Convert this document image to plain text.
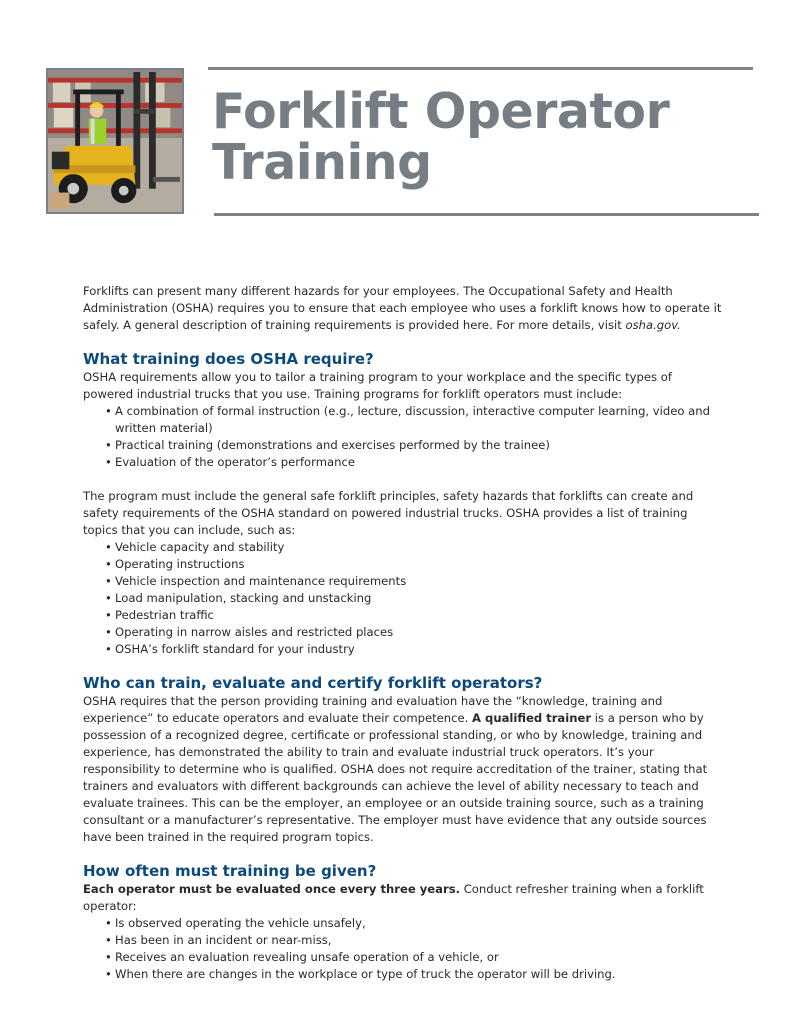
Forklift Operator
Training

Forklifts can present many different hazards for your employees. The Occupational Safety and Health Administration (OSHA) requires you to ensure that each employee who uses a forklift knows how to operate it safely. A general description of training requirements is provided here. For more details, visit osha.gov.

What training does OSHA require?

OSHA requirements allow you to tailor a training program to your workplace and the specific types of powered industrial trucks that you use. Training programs for forklift operators must include:

• A combination of formal instruction (e.g., lecture, discussion, interactive computer learning, video and written material)
• Practical training (demonstrations and exercises performed by the trainee)
• Evaluation of the operator’s performance

The program must include the general safe forklift principles, safety hazards that forklifts can create and safety requirements of the OSHA standard on powered industrial trucks. OSHA provides a list of training topics that you can include, such as:

• Vehicle capacity and stability
• Operating instructions
• Vehicle inspection and maintenance requirements
• Load manipulation, stacking and unstacking
• Pedestrian traffic
• Operating in narrow aisles and restricted places
• OSHA’s forklift standard for your industry
Who can train, evaluate and certify forklift operators?

OSHA requires that the person providing training and evaluation have the “knowledge, training and experience” to educate operators and evaluate their competence. A qualified trainer is a person who by possession of a recognized degree, certificate or professional standing, or who by knowledge, training and experience, has demonstrated the ability to train and evaluate industrial truck operators. It’s your responsibility to determine who is qualified. OSHA does not require accreditation of the trainer, stating that trainers and evaluators with different backgrounds can achieve the level of ability necessary to teach and evaluate trainees. This can be the employer, an employee or an outside training source, such as a training consultant or a manufacturer’s representative. The employer must have evidence that any outside sources have been trained in the required program topics.

How often must training be given?

Each operator must be evaluated once every three years. Conduct refresher training when a forklift operator:

• Is observed operating the vehicle unsafely,
• Has been in an incident or near-miss,
• Receives an evaluation revealing unsafe operation of a vehicle, or
• When there are changes in the workplace or type of truck the operator will be driving.
